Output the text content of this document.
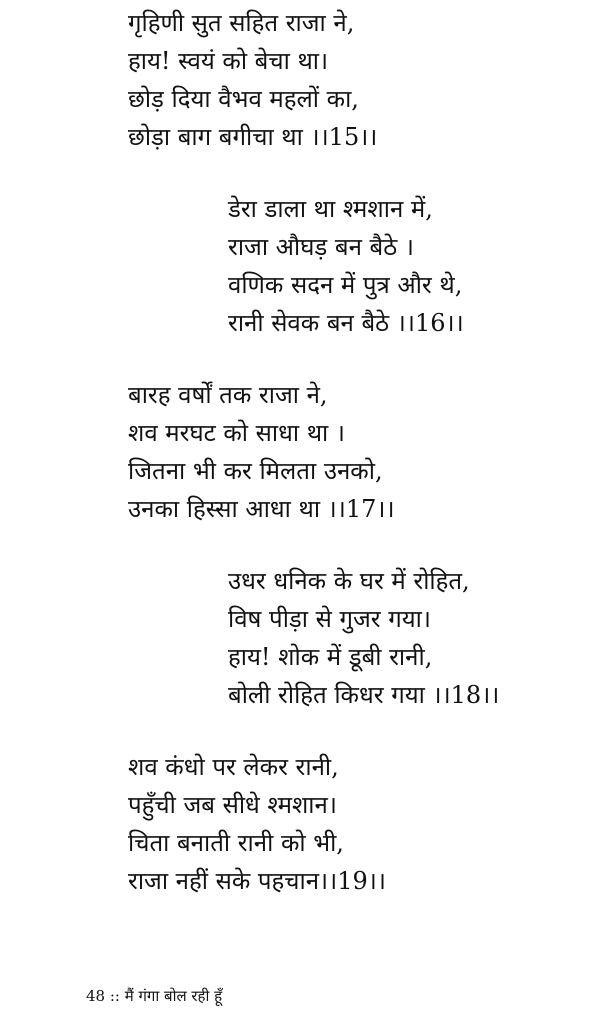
गृहिणी सुत सहित राजा ने,
हाय! स्वयं को बेचा था।
छोड़ दिया वैभव महलों का,
छोड़ा बाग बगीचा था ।।15।।
डेरा डाला था श्मशान में,
राजा औघड़ बन बैठे ।
वणिक सदन में पुत्र और थे,
रानी सेवक बन बैठे ।।16।।
बारह वर्षों तक राजा ने,
शव मरघट को साधा था ।
जितना भी कर मिलता उनको,
उनका हिस्सा आधा था ।।17।।
उधर धनिक के घर में रोहित,
विष पीड़ा से गुजर गया।
हाय! शोक में डूबी रानी,
बोली रोहित किधर गया ।।18।।
शव कंधो पर लेकर रानी,
पहुँची जब सीधे श्मशान।
चिता बनाती रानी को भी,
राजा नहीं सके पहचान।।19।।
48 :: मैं गंगा बोल रही हूँ
